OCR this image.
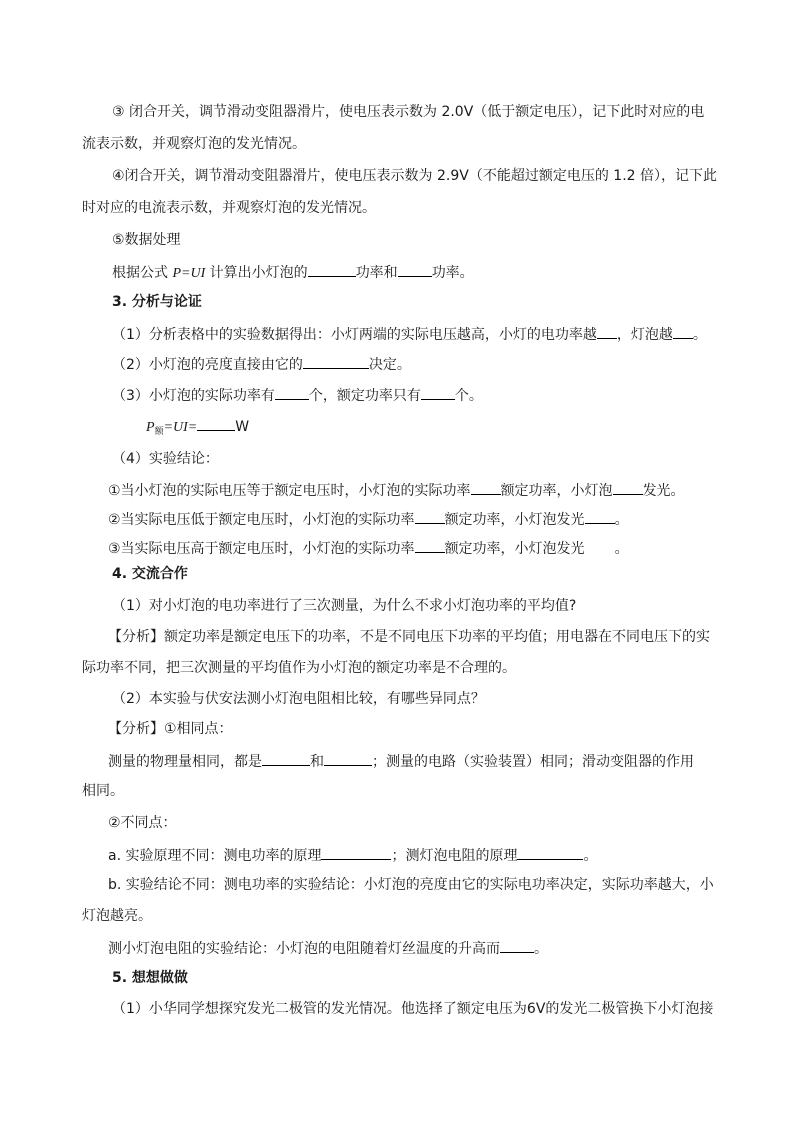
③ 闭合开关，调节滑动变阻器滑片，使电压表示数为 2.0V（低于额定电压），记下此时对应的电
流表示数，并观察灯泡的发光情况。
④闭合开关，调节滑动变阻器滑片，使电压表示数为 2.9V（不能超过额定电压的 1.2 倍），记下此
时对应的电流表示数，并观察灯泡的发光情况。
⑤数据处理
根据公式 P=UI 计算出小灯泡的	功率和 功率。
3. 分析与论证
（1）分析表格中的实验数据得出：小灯两端的实际电压越高，小灯的电功率越 ，灯泡越 。
（2）小灯泡的亮度直接由它的	决定。
（3）小灯泡的实际功率有 个，额定功率只有 个。
$P_额=UI=$	W
（4）实验结论：
①当小灯泡的实际电压等于额定电压时，小灯泡的实际功率 额定功率，小灯泡 发光。
②当实际电压低于额定电压时，小灯泡的实际功率 额定功率，小灯泡发光 。
③当实际电压高于额定电压时，小灯泡的实际功率 额定功率，小灯泡发光 。
4. 交流合作
（1）对小灯泡的电功率进行了三次测量，为什么不求小灯泡功率的平均值?
【分析】额定功率是额定电压下的功率，不是不同电压下功率的平均值；用电器在不同电压下的实
际功率不同，把三次测量的平均值作为小灯泡的额定功率是不合理的。
（2）本实验与伏安法测小灯泡电阻相比较，有哪些异同点？
【分析】①相同点：
测量的物理量相同，都是	和	；测量的电路（实验装置）相同；滑动变阻器的作用
相同。
②不同点：
a. 实验原理不同：测电功率的原理	；测灯泡电阻的原理	。
b. 实验结论不同：测电功率的实验结论：小灯泡的亮度由它的实际电功率决定，实际功率越大，小
灯泡越亮。
测小灯泡电阻的实验结论：小灯泡的电阻随着灯丝温度的升高而 。
5. 想想做做
（1）小华同学想探究发光二极管的发光情况。他选择了额定电压为6V的发光二极管换下小灯泡接
